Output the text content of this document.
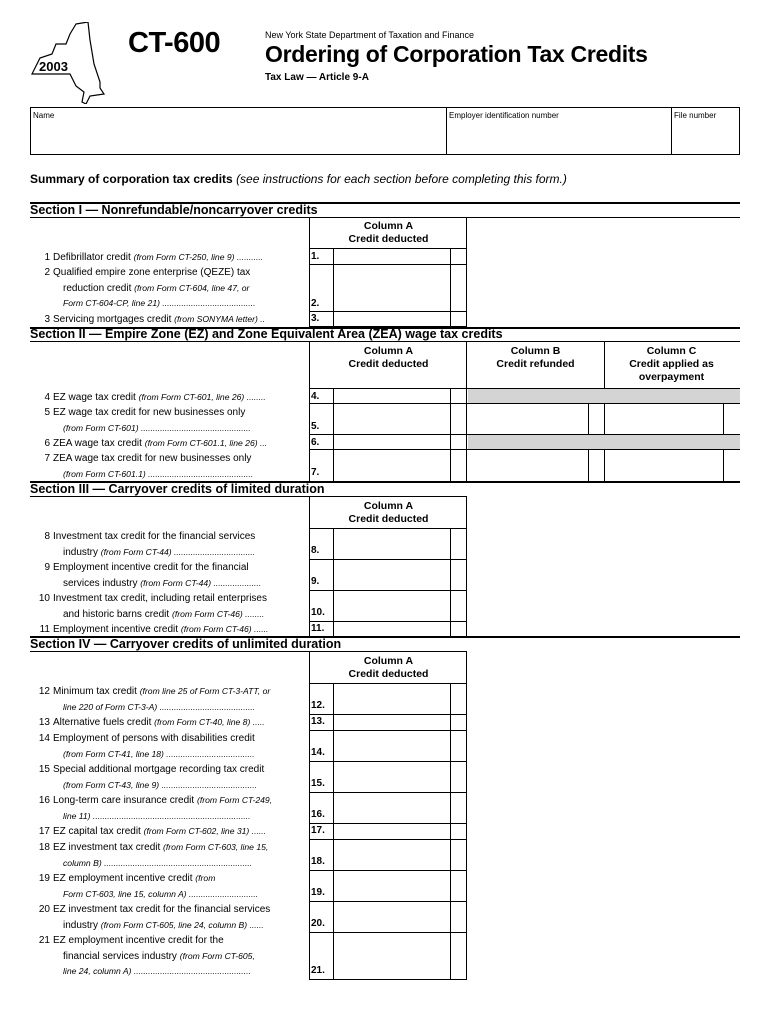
2003
CT-600	New York State Department of Taxation and Finance
Ordering of Corporation Tax Credits
Tax Law — Article 9-A
Name	Employer identification number	File number
Summary of corporation tax credits (see instructions for each section before completing this form.)
Section I — Nonrefundable/noncarryover credits
Column A
Credit deducted
1 Defibrillator credit (from Form CT-250, line 9) ...........	1.
2 Qualified empire zone enterprise (QEZE) tax
reduction credit (from Form CT-604, line 47, or
Form CT-604-CP, line 21) .......................................	2.
3 Servicing mortgages credit (from SONYMA letter) ..	3.
Section II — Empire Zone (EZ) and Zone Equivalent Area (ZEA) wage tax credits
Column A
Credit deducted
Column B
Credit refunded
Column C
Credit applied as
overpayment
4 EZ wage tax credit (from Form CT-601, line 26) ........	4.
5 EZ wage tax credit for new businesses only
(from Form CT-601) ..............................................	5.
6 ZEA wage tax credit (from Form CT-601.1, line 26) ...	6.
7 ZEA wage tax credit for new businesses only
(from Form CT-601.1) ............................................	7.
Section III — Carryover credits of limited duration
Column A
Credit deducted
8 Investment tax credit for the financial services
industry (from Form CT-44) ..................................	8.
9 Employment incentive credit for the financial
services industry (from Form CT-44) ....................	9.
10 Investment tax credit, including retail enterprises
and historic barns credit (from Form CT-46) ........	10.
11 Employment incentive credit (from Form CT-46) ......	11.
Section IV — Carryover credits of unlimited duration
Column A
Credit deducted
12 Minimum tax credit (from line 25 of Form CT-3-ATT, or
line 220 of Form CT-3-A) ........................................	12.
13 Alternative fuels credit (from Form CT-40, line 8) .....	13.
14 Employment of persons with disabilities credit
(from Form CT-41, line 18) .....................................	14.
15 Special additional mortgage recording tax credit
(from Form CT-43, line 9) ........................................	15.
16 Long-term care insurance credit (from Form CT-249,
line 11) ..................................................................	16.
17 EZ capital tax credit (from Form CT-602, line 31) ......	17.
18 EZ investment tax credit (from Form CT-603, line 15,
column B) ..............................................................	18.
19 EZ employment incentive credit (from
Form CT-603, line 15, column A) .............................	19.
20 EZ investment tax credit for the financial services
industry (from Form CT-605, line 24, column B) ......	20.
21 EZ employment incentive credit for the
financial services industry (from Form CT-605,
line 24, column A) .................................................	21.
